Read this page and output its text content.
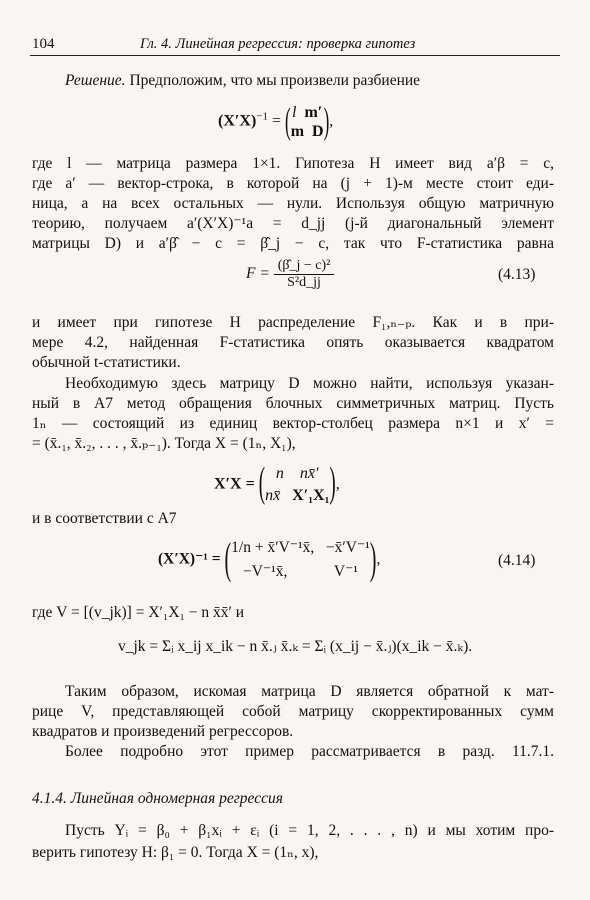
104	Гл. 4. Линейная регрессия: проверка гипотез
Решение. Предположим, что мы произвели разбиение
$(X'X)^{-1} = (l$ m′
m D),
где l — матрица размера 1×1. Гипотеза H имеет вид a′β = c,
где a′ — вектор-строка, в которой на (j + 1)-м месте стоит еди-
ница, а на всех остальных — нули. Используя общую матричную
теорию, получаем a′(X′X)⁻¹a = d_jj (j-й диагональный элемент
матрицы D) и a′β̂ − c = β̂_j − c, так что F-статистика равна
$F = \frac{\text{(β̂\_j − c)²}}{\text{S²d\_jj}}$	(4.13)
и имеет при гипотезе H распределение F₁,ₙ₋ₚ. Как и в при-
мере 4.2, найденная F-статистика опять оказывается квадратом
обычной t-статистики.
Необходимую здесь матрицу D можно найти, используя указан-
ный в A7 метод обращения блочных симметричных матриц. Пусть
1ₙ — состоящий из единиц вектор-столбец размера n×1 и x′ =
= (x̄.₁, x̄.₂, . . . , x̄.ₚ₋₁). Тогда X = (1ₙ, X₁),
X′X = ( n nx̄′
nx̄ X′₁X₁),
и в соответствии с A7
(X′X)⁻¹ = (1/n + x̄′V⁻¹x̄, −x̄′V⁻¹
−V⁻¹x̄,	V⁻¹ ),	(4.14)
где V = [(v_jk)] = X′₁X₁ − n x̄x̄′ и
v_jk = Σᵢ x_ij x_ik − n x̄.ⱼ x̄.ₖ = Σᵢ (x_ij − x̄.ⱼ)(x_ik − x̄.ₖ).
Таким образом, искомая матрица D является обратной к мат-
рице V, представляющей собой матрицу скорректированных сумм
квадратов и произведений регрессоров.
Более подробно этот пример рассматривается в разд. 11.7.1.
4.1.4. Линейная одномерная регрессия
Пусть Yᵢ = β₀ + β₁xᵢ + εᵢ (i = 1, 2, . . . , n) и мы хотим про-
верить гипотезу H: β₁ = 0. Тогда X = (1ₙ, x),
